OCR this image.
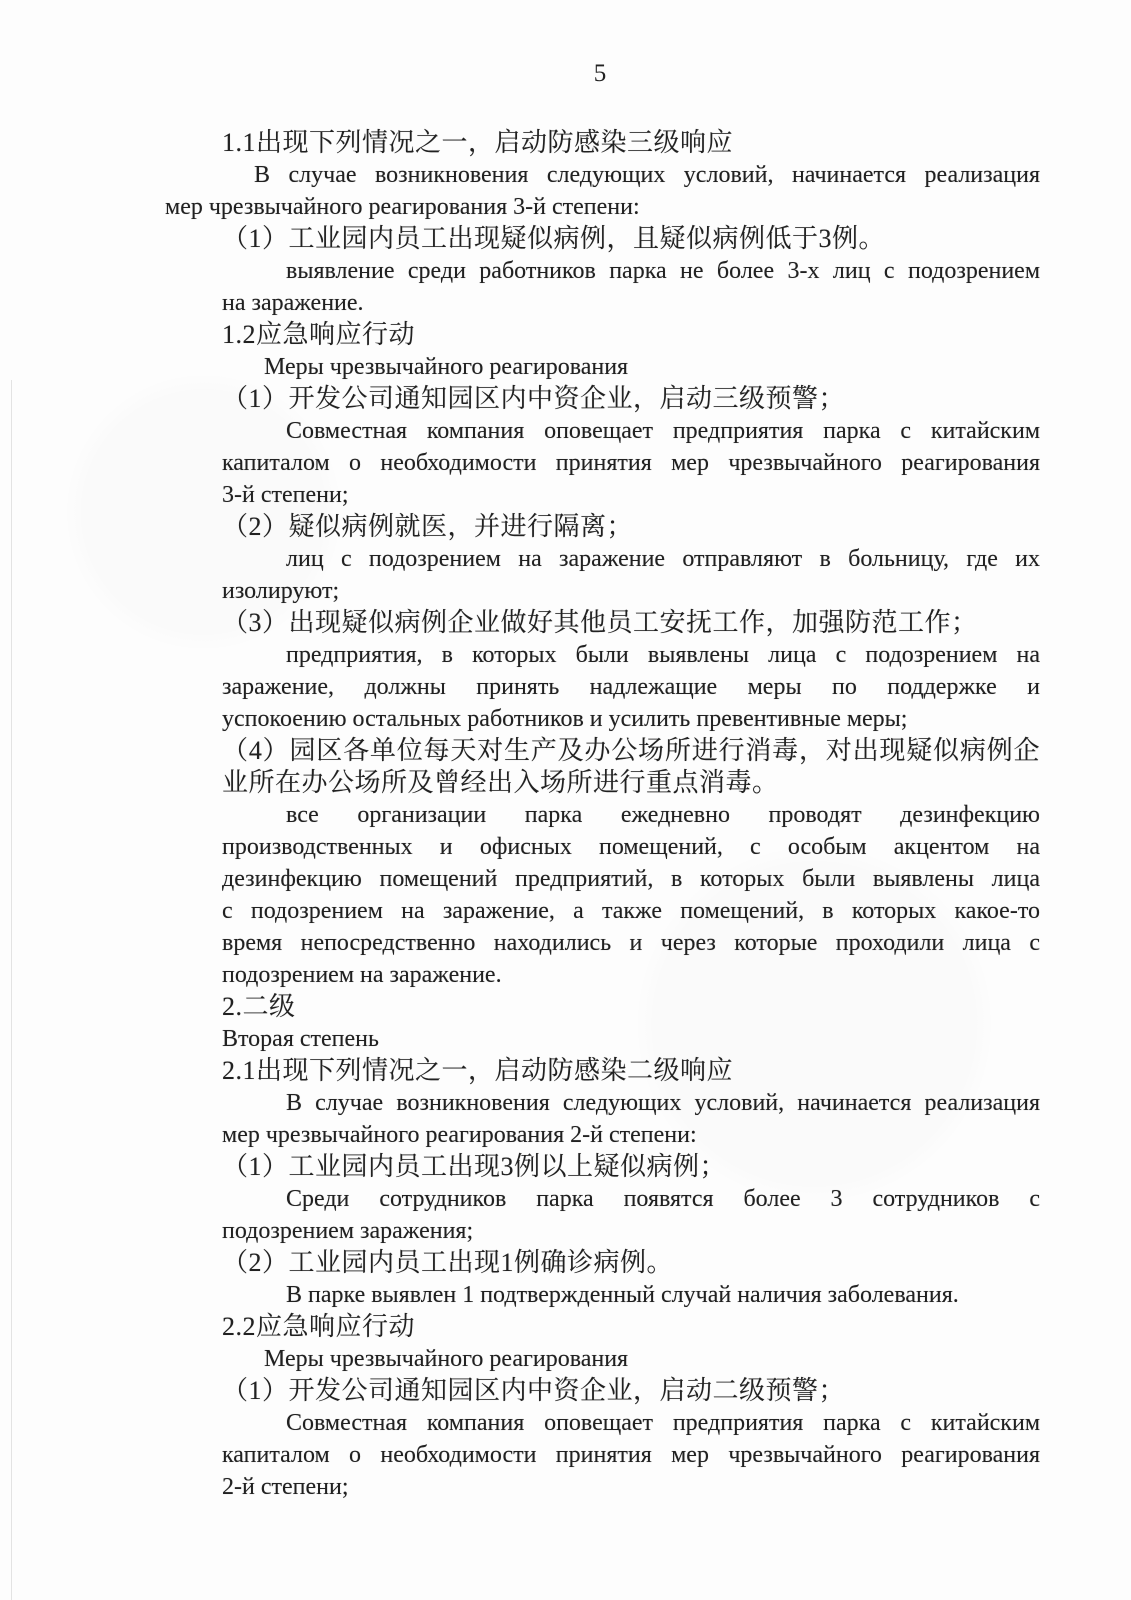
5
1.1出现下列情况之一，启动防感染三级响应
В случае возникновения следующих условий, начинается реализация
мер чрезвычайного реагирования 3-й степени:
（1）工业园内员工出现疑似病例，且疑似病例低于3例。
выявление среди работников парка не более 3-х лиц с подозрением
на заражение.
1.2应急响应行动
Меры чрезвычайного реагирования
（1）开发公司通知园区内中资企业，启动三级预警；
Совместная компания оповещает предприятия парка с китайским
капиталом о необходимости принятия мер чрезвычайного реагирования
3-й степени;
（2）疑似病例就医，并进行隔离；
лиц с подозрением на заражение отправляют в больницу, где их
изолируют;
（3）出现疑似病例企业做好其他员工安抚工作，加强防范工作；
предприятия, в которых были выявлены лица с подозрением на
заражение, должны принять надлежащие меры по поддержке и
успокоению остальных работников и усилить превентивные меры;
（4）园区各单位每天对生产及办公场所进行消毒，对出现疑似病例企
业所在办公场所及曾经出入场所进行重点消毒。
все организации парка ежедневно проводят дезинфекцию
производственных и офисных помещений, с особым акцентом на
дезинфекцию помещений предприятий, в которых были выявлены лица
с подозрением на заражение, а также помещений, в которых какое-то
время непосредственно находились и через которые проходили лица с
подозрением на заражение.
2.二级
Вторая степень
2.1出现下列情况之一，启动防感染二级响应
В случае возникновения следующих условий, начинается реализация
мер чрезвычайного реагирования 2-й степени:
（1）工业园内员工出现3例以上疑似病例；
Среди сотрудников парка появятся более 3 сотрудников с
подозрением заражения;
（2）工业园内员工出现1例确诊病例。
В парке выявлен 1 подтвержденный случай наличия заболевания.
2.2应急响应行动
Меры чрезвычайного реагирования
（1）开发公司通知园区内中资企业，启动二级预警；
Совместная компания оповещает предприятия парка с китайским
капиталом о необходимости принятия мер чрезвычайного реагирования
2-й степени;
